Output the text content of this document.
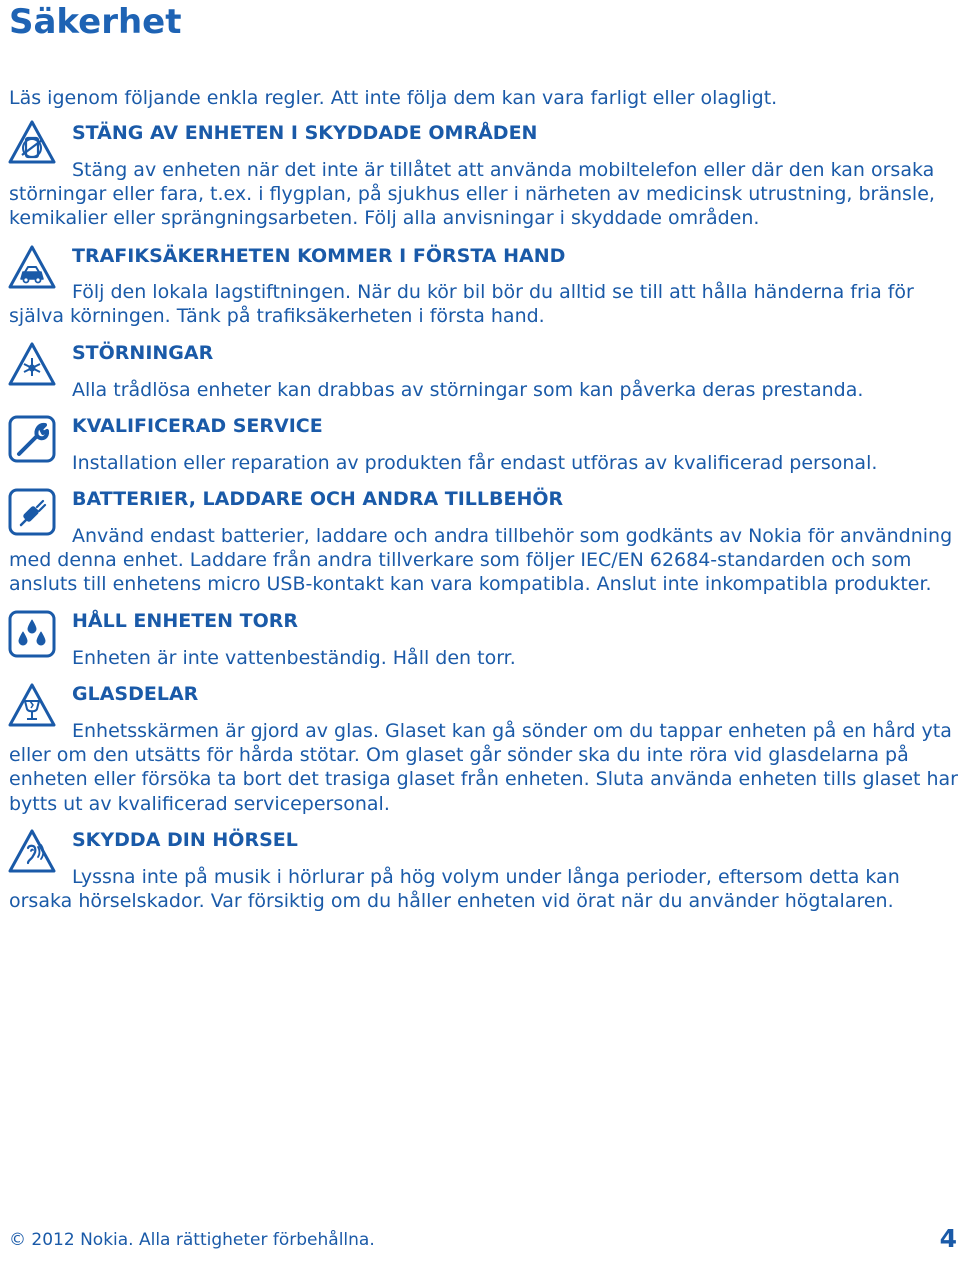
Säkerhet
Läs igenom följande enkla regler. Att inte följa dem kan vara farligt eller olagligt.
STÄNG AV ENHETEN I SKYDDADE OMRÅDEN
Stäng av enheten när det inte är tillåtet att använda mobiltelefon eller där den kan orsaka störningar eller fara, t.ex. i flygplan, på sjukhus eller i närheten av medicinsk utrustning, bränsle, kemikalier eller sprängningsarbeten. Följ alla anvisningar i skyddade områden.
TRAFIKSÄKERHETEN KOMMER I FÖRSTA HAND
Följ den lokala lagstiftningen. När du kör bil bör du alltid se till att hålla händerna fria för själva körningen. Tänk på trafiksäkerheten i första hand.
STÖRNINGAR
Alla trådlösa enheter kan drabbas av störningar som kan påverka deras prestanda.
KVALIFICERAD SERVICE
Installation eller reparation av produkten får endast utföras av kvalificerad personal.
BATTERIER, LADDARE OCH ANDRA TILLBEHÖR
Använd endast batterier, laddare och andra tillbehör som godkänts av Nokia för användning med denna enhet. Laddare från andra tillverkare som följer IEC/EN 62684-standarden och som ansluts till enhetens micro USB-kontakt kan vara kompatibla. Anslut inte inkompatibla produkter.
HÅLL ENHETEN TORR
Enheten är inte vattenbeständig. Håll den torr.
GLASDELAR
Enhetsskärmen är gjord av glas. Glaset kan gå sönder om du tappar enheten på en hård yta eller om den utsätts för hårda stötar. Om glaset går sönder ska du inte röra vid glasdelarna på enheten eller försöka ta bort det trasiga glaset från enheten. Sluta använda enheten tills glaset har bytts ut av kvalificerad servicepersonal.
SKYDDA DIN HÖRSEL
Lyssna inte på musik i hörlurar på hög volym under långa perioder, eftersom detta kan orsaka hörselskador. Var försiktig om du håller enheten vid örat när du använder högtalaren.
© 2012 Nokia. Alla rättigheter förbehållna.	4
